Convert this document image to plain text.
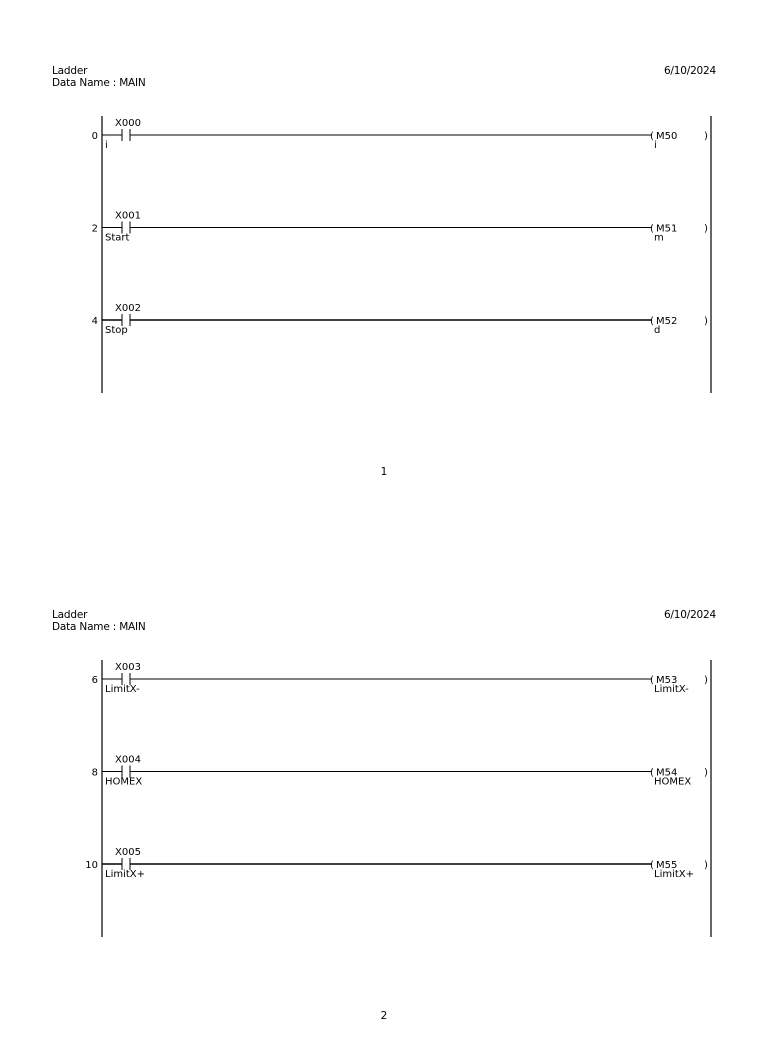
Ladder
Data Name : MAIN
6/10/2024
0
X000
i
( M50	)
i
2
X001
Start
( M51	)
m
4
X002
Stop
( M52	)
d
1
Ladder
Data Name : MAIN
6/10/2024
6
X003
LimitX-
( M53	)
LimitX-
8
X004
HOMEX
( M54	)
HOMEX
10
X005
LimitX+
( M55	)
LimitX+
2
